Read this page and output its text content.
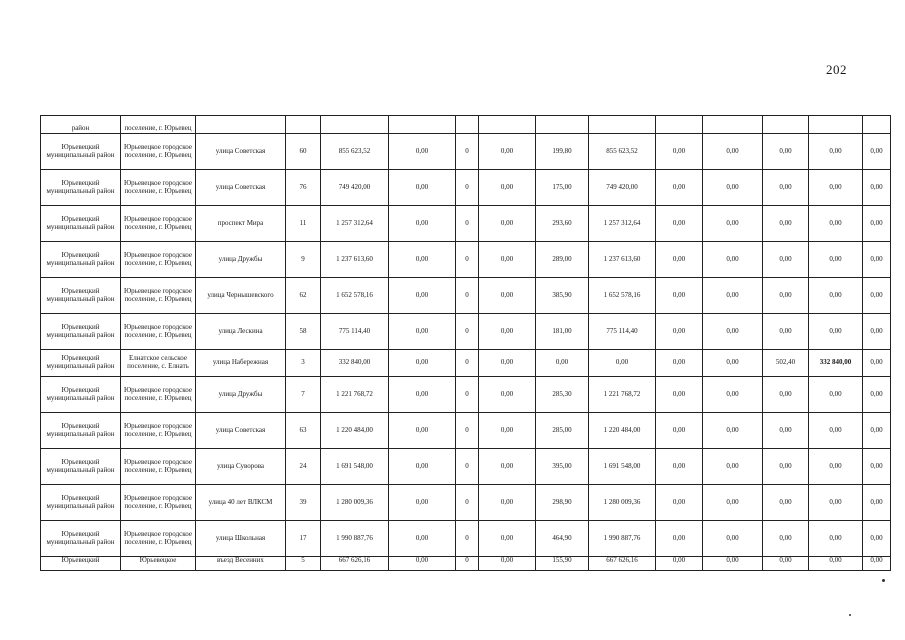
202
район	поселение, г. Юрьевец													
Юрьевецкий муниципальный район	Юрьевецкое городское поселение, г. Юрьевец	улица Советская	60	855 623,52	0,00	0	0,00	199,80	855 623,52	0,00	0,00	0,00	0,00	0,00
Юрьевецкий муниципальный район	Юрьевецкое городское поселение, г. Юрьевец	улица Советская	76	749 420,00	0,00	0	0,00	175,00	749 420,00	0,00	0,00	0,00	0,00	0,00
Юрьевецкий муниципальный район	Юрьевецкое городское поселение, г. Юрьевец	проспект Мира	11	1 257 312,64	0,00	0	0,00	293,60	1 257 312,64	0,00	0,00	0,00	0,00	0,00
Юрьевецкий муниципальный район	Юрьевецкое городское поселение, г. Юрьевец	улица Дружбы	9	1 237 613,60	0,00	0	0,00	289,00	1 237 613,60	0,00	0,00	0,00	0,00	0,00
Юрьевецкий муниципальный район	Юрьевецкое городское поселение, г. Юрьевец	улица Чернышевского	62	1 652 578,16	0,00	0	0,00	385,90	1 652 578,16	0,00	0,00	0,00	0,00	0,00
Юрьевецкий муниципальный район	Юрьевецкое городское поселение, г. Юрьевец	улица Лескина	58	775 114,40	0,00	0	0,00	181,00	775 114,40	0,00	0,00	0,00	0,00	0,00
Юрьевецкий муниципальный район	Елнатское сельское поселение, с. Елнать	улица Набережная	3	332 840,00	0,00	0	0,00	0,00	0,00	0,00	0,00	502,40	332 840,00	0,00
Юрьевецкий муниципальный район	Юрьевецкое городское поселение, г. Юрьевец	улица Дружбы	7	1 221 768,72	0,00	0	0,00	285,30	1 221 768,72	0,00	0,00	0,00	0,00	0,00
Юрьевецкий муниципальный район	Юрьевецкое городское поселение, г. Юрьевец	улица Советская	63	1 220 484,00	0,00	0	0,00	285,00	1 220 484,00	0,00	0,00	0,00	0,00	0,00
Юрьевецкий муниципальный район	Юрьевецкое городское поселение, г. Юрьевец	улица Суворова	24	1 691 548,00	0,00	0	0,00	395,00	1 691 548,00	0,00	0,00	0,00	0,00	0,00
Юрьевецкий муниципальный район	Юрьевецкое городское поселение, г. Юрьевец	улица 40 лет ВЛКСМ	39	1 280 009,36	0,00	0	0,00	298,90	1 280 009,36	0,00	0,00	0,00	0,00	0,00
Юрьевецкий муниципальный район	Юрьевецкое городское поселение, г. Юрьевец	улица Школьная	17	1 990 887,76	0,00	0	0,00	464,90	1 990 887,76	0,00	0,00	0,00	0,00	0,00
Юрьевецкий	Юрьевецкое	въезд Весенних	5	667 626,16	0,00	0	0,00	155,90	667 626,16	0,00	0,00	0,00	0,00	0,00
